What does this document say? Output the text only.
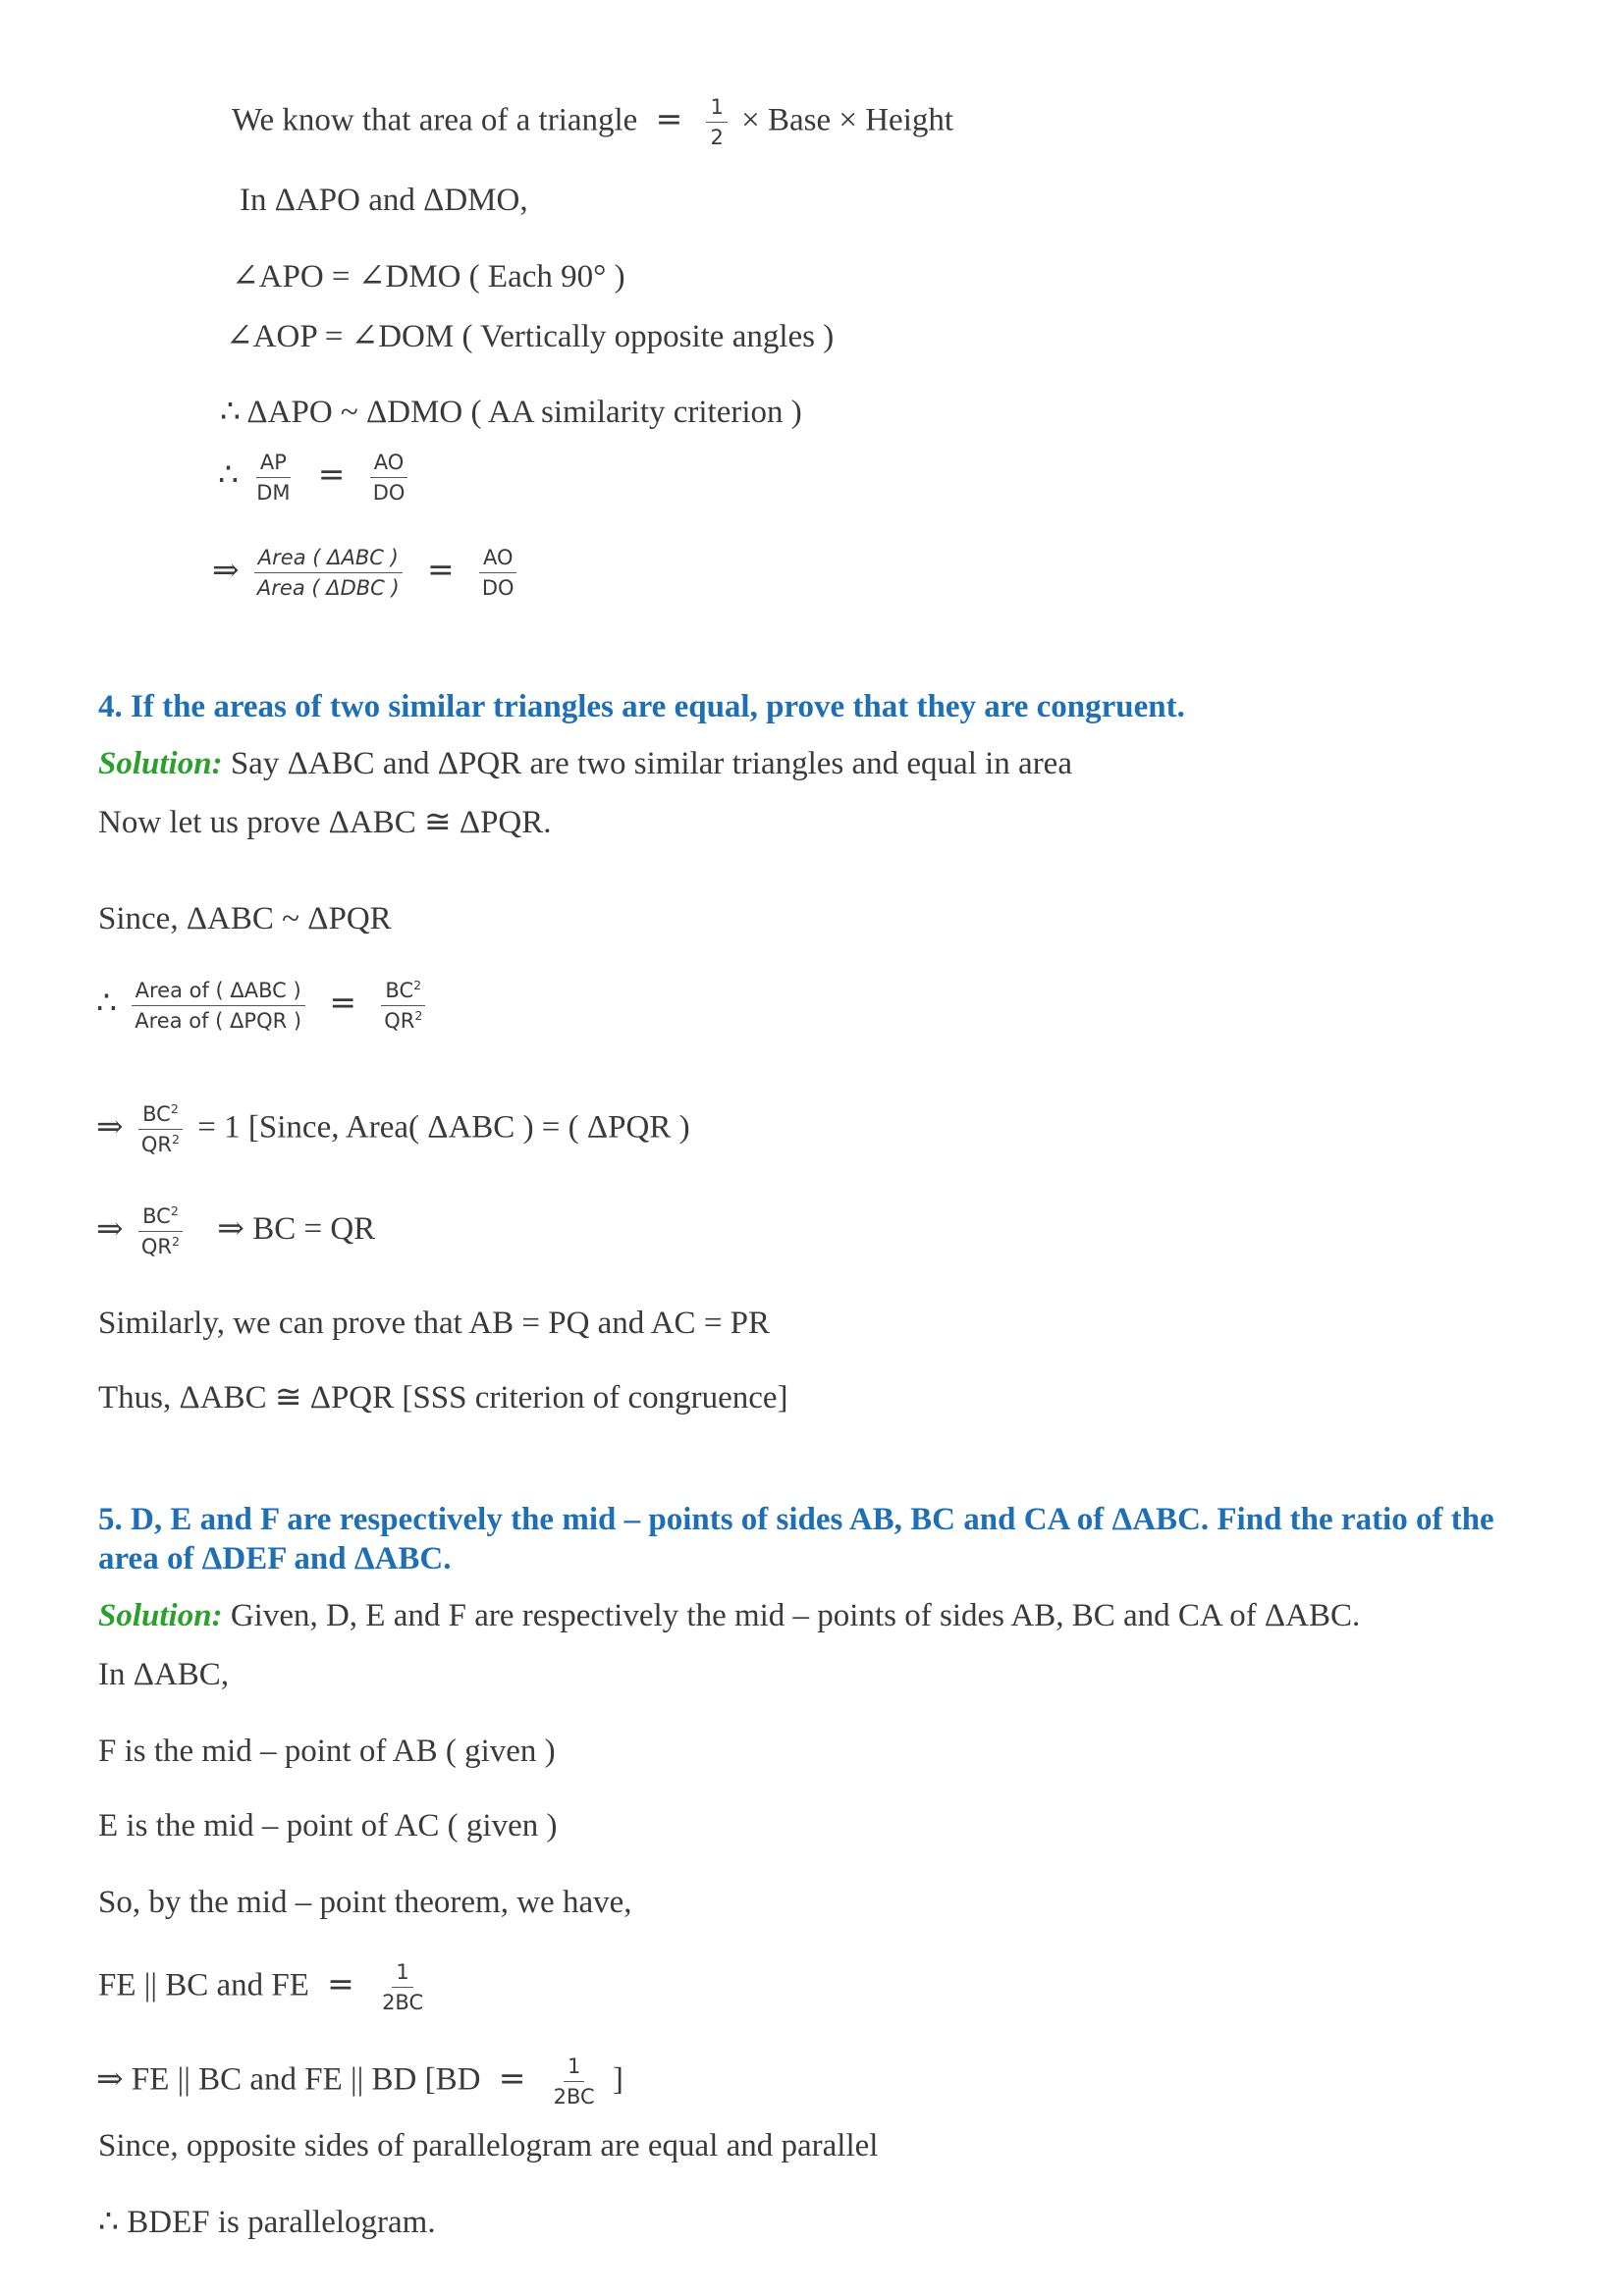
We know that area of a triangle = $\frac{1}{2}$ × Base × Height
In ΔAPO and ΔDMO,
∠APO = ∠DMO ( Each 90° )
∠AOP = ∠DOM ( Vertically opposite angles )
∴ ΔAPO ~ ΔDMO ( AA similarity criterion )
∴ $\frac{AP}{DM} = \frac{AO}{DO}$
⇒ $\frac{\text{Area ( ΔABC )}}{\text{Area ( ΔDBC )}} = \frac{AO}{DO}$
4. If the areas of two similar triangles are equal, prove that they are congruent.
Solution: Say ΔABC and ΔPQR are two similar triangles and equal in area
Now let us prove ΔABC ≅ ΔPQR.
Since, ΔABC ~ ΔPQR
∴ $\frac{\text{Area of ( ΔABC )}}{\text{Area of ( ΔPQR )}} = \frac{BC^2}{QR^2}$
⇒ $\frac{BC^2}{QR^2} = 1$ [Since, Area( ΔABC ) = ( ΔPQR )
⇒ $\frac{BC^2}{QR^2}$ ⇒ BC = QR
Similarly, we can prove that AB = PQ and AC = PR
Thus, ΔABC ≅ ΔPQR [SSS criterion of congruence]
5. D, E and F are respectively the mid – points of sides AB, BC and CA of ΔABC. Find the ratio of the
area of ΔDEF and ΔABC.
Solution: Given, D, E and F are respectively the mid – points of sides AB, BC and CA of ΔABC.
In ΔABC,
F is the mid – point of AB ( given )
E is the mid – point of AC ( given )
So, by the mid – point theorem, we have,
FE || BC and FE = $\frac{1}{2BC}$
⇒ FE || BC and FE || BD [$BD = \frac{1}{2BC}$ ]
Since, opposite sides of parallelogram are equal and parallel
∴ BDEF is parallelogram.
